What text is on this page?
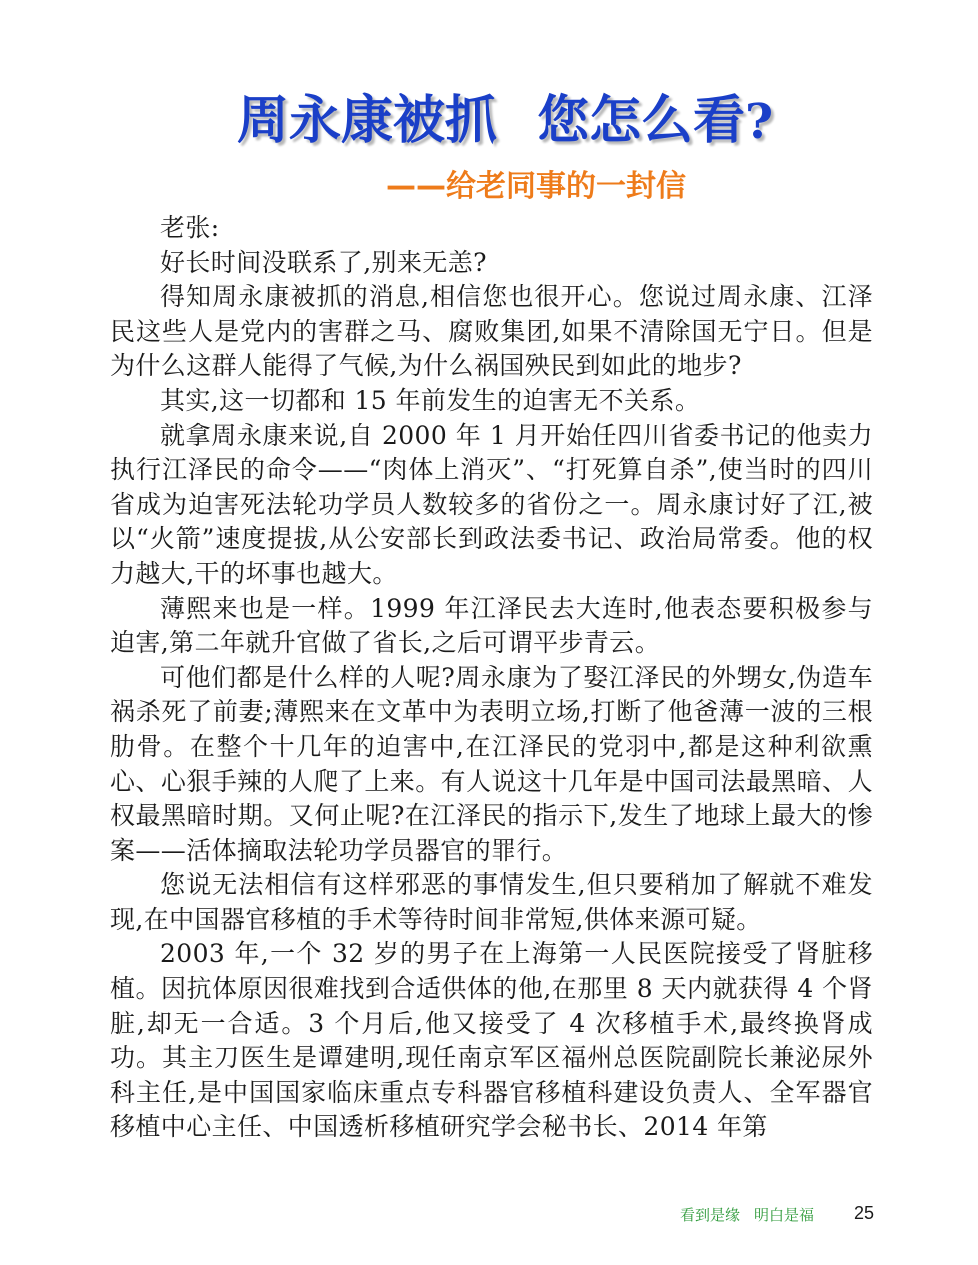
周永康被抓 您怎么看?
——给老同事的一封信

老张:

好长时间没联系了,别来无恙?

得知周永康被抓的消息,相信您也很开心。您说过周永康、江泽民这些人是党内的害群之马、腐败集团,如果不清除国无宁日。但是为什么这群人能得了气候,为什么祸国殃民到如此的地步?

其实,这一切都和 15 年前发生的迫害无不关系。

就拿周永康来说,自 2000 年 1 月开始任四川省委书记的他卖力执行江泽民的命令——“肉体上消灭”、“打死算自杀”,使当时的四川省成为迫害死法轮功学员人数较多的省份之一。周永康讨好了江,被以“火箭”速度提拔,从公安部长到政法委书记、政治局常委。他的权力越大,干的坏事也越大。

薄熙来也是一样。1999 年江泽民去大连时,他表态要积极参与迫害,第二年就升官做了省长,之后可谓平步青云。

可他们都是什么样的人呢?周永康为了娶江泽民的外甥女,伪造车祸杀死了前妻;薄熙来在文革中为表明立场,打断了他爸薄一波的三根肋骨。在整个十几年的迫害中,在江泽民的党羽中,都是这种利欲熏心、心狠手辣的人爬了上来。有人说这十几年是中国司法最黑暗、人权最黑暗时期。又何止呢?在江泽民的指示下,发生了地球上最大的惨案——活体摘取法轮功学员器官的罪行。

您说无法相信有这样邪恶的事情发生,但只要稍加了解就不难发现,在中国器官移植的手术等待时间非常短,供体来源可疑。

2003 年,一个 32 岁的男子在上海第一人民医院接受了肾脏移植。因抗体原因很难找到合适供体的他,在那里 8 天内就获得 4 个肾脏,却无一合适。3 个月后,他又接受了 4 次移植手术,最终换肾成功。其主刀医生是谭建明,现任南京军区福州总医院副院长兼泌尿外科主任,是中国国家临床重点专科器官移植科建设负责人、全军器官移植中心主任、中国透析移植研究学会秘书长、2014 年第

看到是缘 明白是福 25
